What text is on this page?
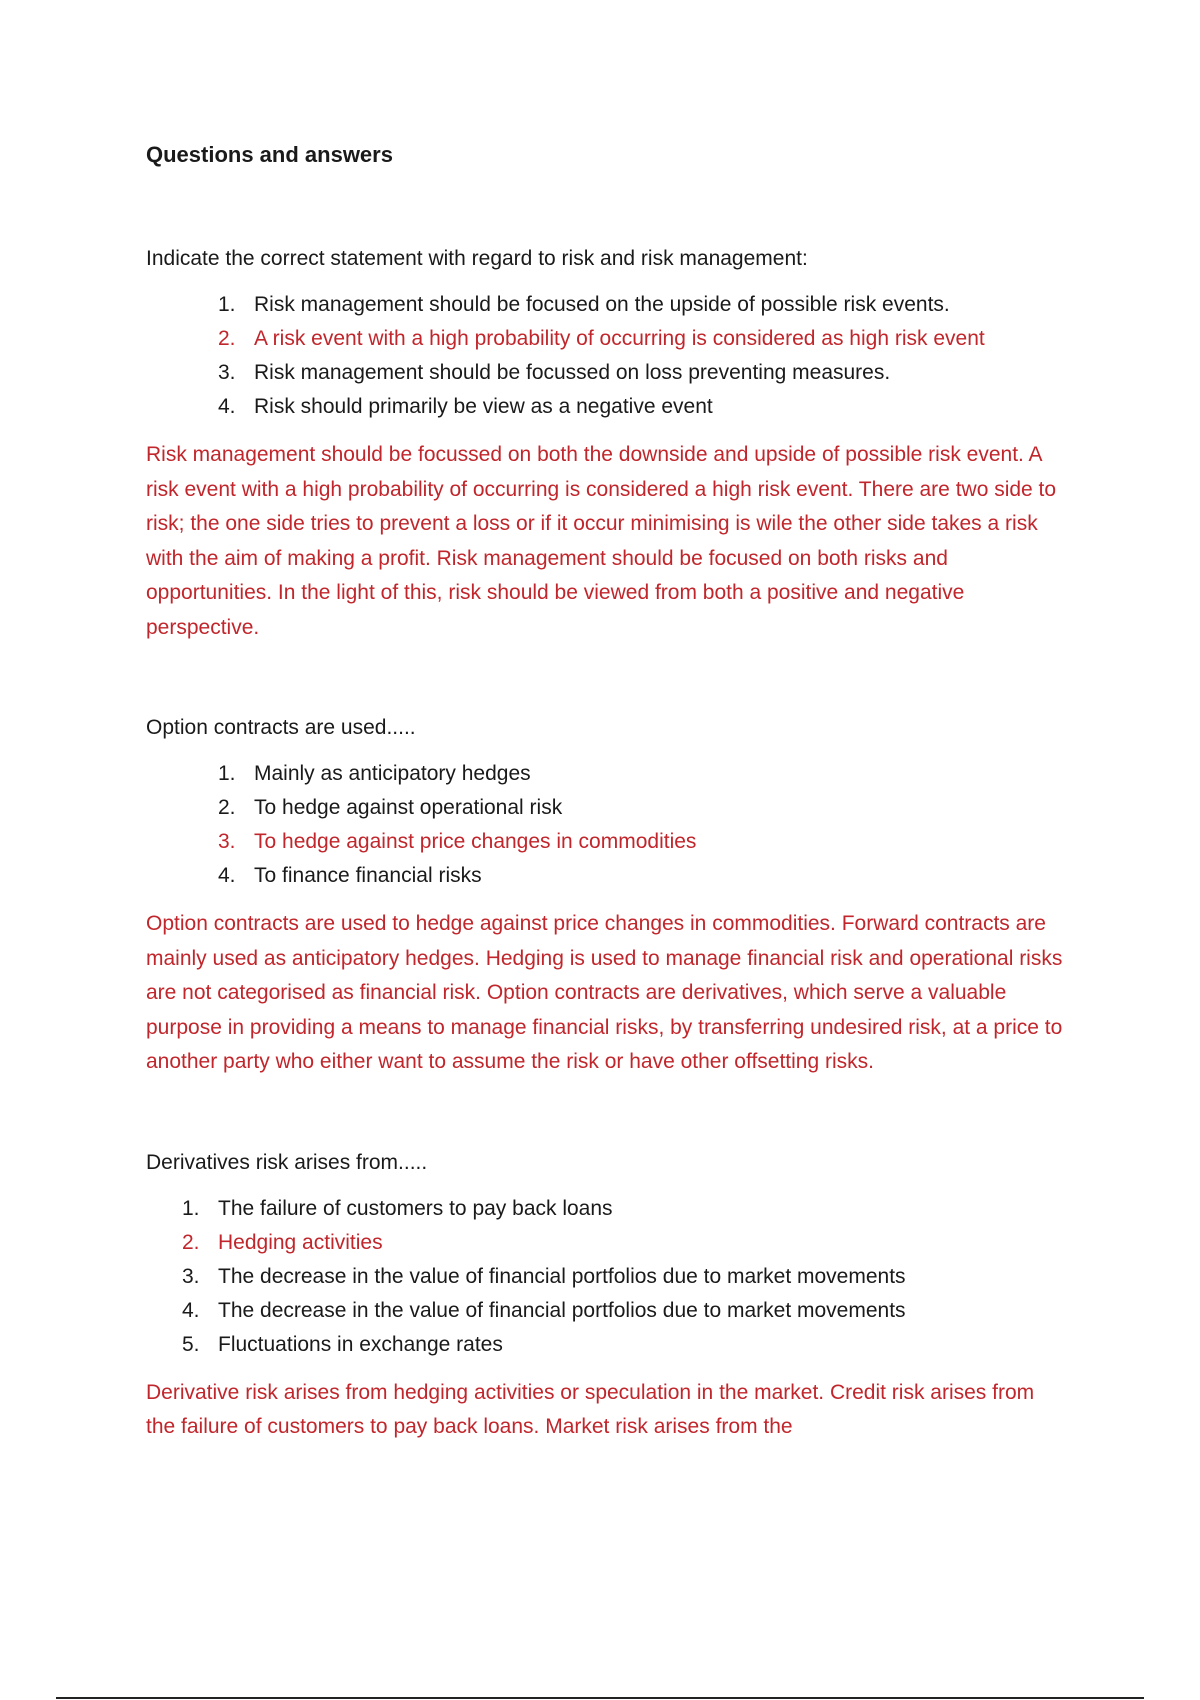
Questions and answers
Indicate the correct statement with regard to risk and risk management:
1. Risk management should be focused on the upside of possible risk events.
2. A risk event with a high probability of occurring is considered as high risk event
3. Risk management should be focussed on loss preventing measures.
4. Risk should primarily be view as a negative event
Risk management should be focussed on both the downside and upside of possible risk event. A risk event with a high probability of occurring is considered a high risk event. There are two side to risk; the one side tries to prevent a loss or if it occur minimising is wile the other side takes a risk with the aim of making a profit. Risk management should be focused on both risks and opportunities. In the light of this, risk should be viewed from both a positive and negative perspective.
Option contracts are used.....
1. Mainly as anticipatory hedges
2. To hedge against operational risk
3. To hedge against price changes in commodities
4. To finance financial risks
Option contracts are used to hedge against price changes in commodities. Forward contracts are mainly used as anticipatory hedges. Hedging is used to manage financial risk and operational risks are not categorised as financial risk. Option contracts are derivatives, which serve a valuable purpose in providing a means to manage financial risks, by transferring undesired risk, at a price to another party who either want to assume the risk or have other offsetting risks.
Derivatives risk arises from.....
1. The failure of customers to pay back loans
2. Hedging activities
3. The decrease in the value of financial portfolios due to market movements
4. The decrease in the value of financial portfolios due to market movements
5. Fluctuations in exchange rates
Derivative risk arises from hedging activities or speculation in the market. Credit risk arises from the failure of customers to pay back loans. Market risk arises from the
